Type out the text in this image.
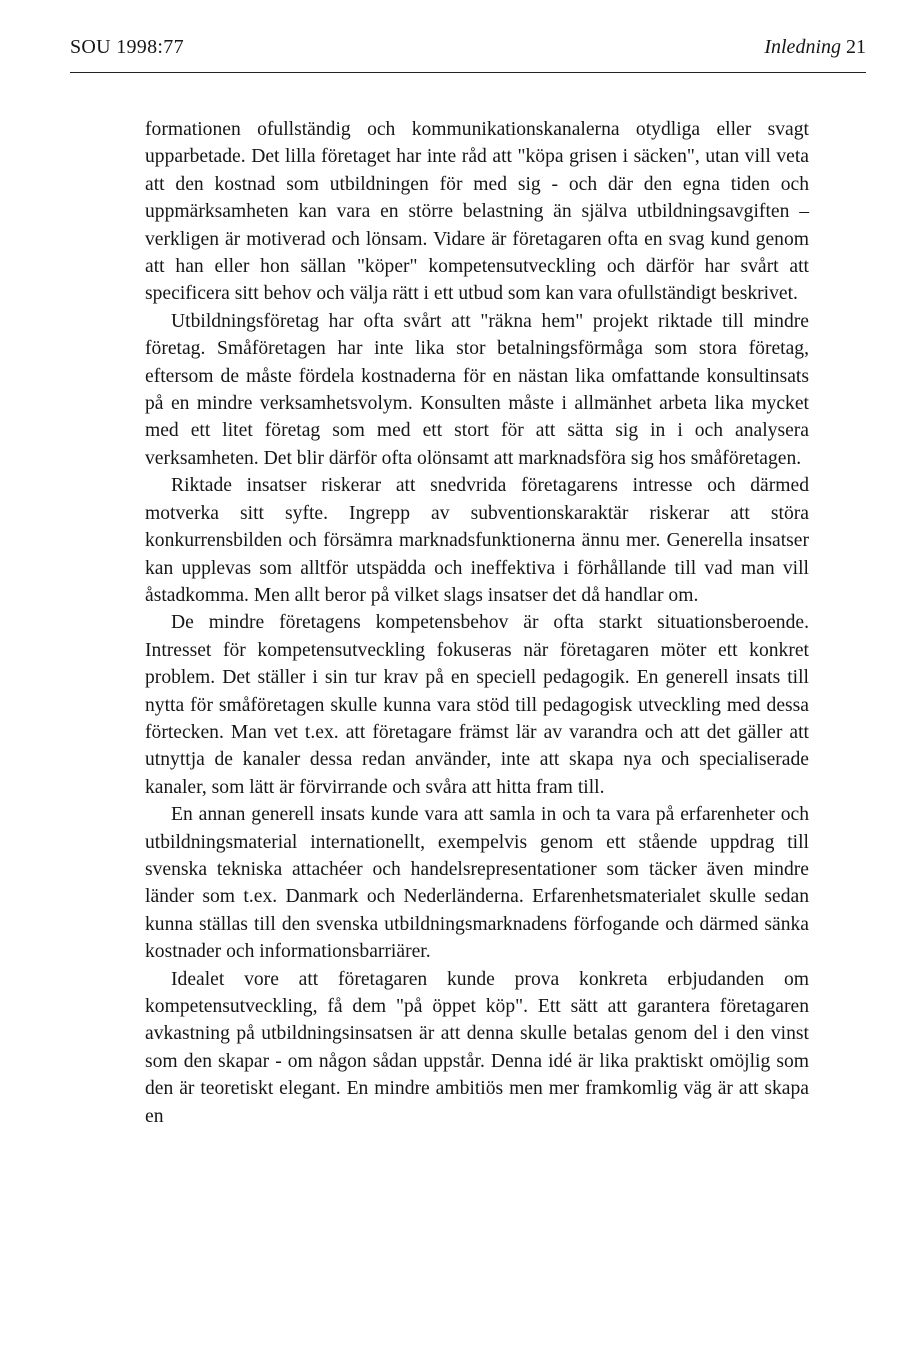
SOU 1998:77	Inledning 21

formationen ofullständig och kommunikationskanalerna otydliga eller svagt upparbetade. Det lilla företaget har inte råd att "köpa grisen i säcken", utan vill veta att den kostnad som utbildningen för med sig - och där den egna tiden och uppmärksamheten kan vara en större belastning än själva utbildningsavgiften – verkligen är motiverad och lönsam. Vidare är företagaren ofta en svag kund genom att han eller hon sällan "köper" kompetensutveckling och därför har svårt att specificera sitt behov och välja rätt i ett utbud som kan vara ofullständigt beskrivet.

Utbildningsföretag har ofta svårt att "räkna hem" projekt riktade till mindre företag. Småföretagen har inte lika stor betalningsförmåga som stora företag, eftersom de måste fördela kostnaderna för en nästan lika omfattande konsultinsats på en mindre verksamhetsvolym. Konsulten måste i allmänhet arbeta lika mycket med ett litet företag som med ett stort för att sätta sig in i och analysera verksamheten. Det blir därför ofta olönsamt att marknadsföra sig hos småföretagen.

Riktade insatser riskerar att snedvrida företagarens intresse och därmed motverka sitt syfte. Ingrepp av subventionskaraktär riskerar att störa konkurrensbilden och försämra marknadsfunktionerna ännu mer. Generella insatser kan upplevas som alltför utspädda och ineffektiva i förhållande till vad man vill åstadkomma. Men allt beror på vilket slags insatser det då handlar om.

De mindre företagens kompetensbehov är ofta starkt situationsberoende. Intresset för kompetensutveckling fokuseras när företagaren möter ett konkret problem. Det ställer i sin tur krav på en speciell pedagogik. En generell insats till nytta för småföretagen skulle kunna vara stöd till pedagogisk utveckling med dessa förtecken. Man vet t.ex. att företagare främst lär av varandra och att det gäller att utnyttja de kanaler dessa redan använder, inte att skapa nya och specialiserade kanaler, som lätt är förvirrande och svåra att hitta fram till.

En annan generell insats kunde vara att samla in och ta vara på erfarenheter och utbildningsmaterial internationellt, exempelvis genom ett stående uppdrag till svenska tekniska attachéer och handelsrepresentationer som täcker även mindre länder som t.ex. Danmark och Nederländerna. Erfarenhetsmaterialet skulle sedan kunna ställas till den svenska utbildningsmarknadens förfogande och därmed sänka kostnader och informationsbarriärer.

Idealet vore att företagaren kunde prova konkreta erbjudanden om kompetensutveckling, få dem "på öppet köp". Ett sätt att garantera företagaren avkastning på utbildningsinsatsen är att denna skulle betalas genom del i den vinst som den skapar - om någon sådan uppstår. Denna idé är lika praktiskt omöjlig som den är teoretiskt elegant. En mindre ambitiös men mer framkomlig väg är att skapa en
